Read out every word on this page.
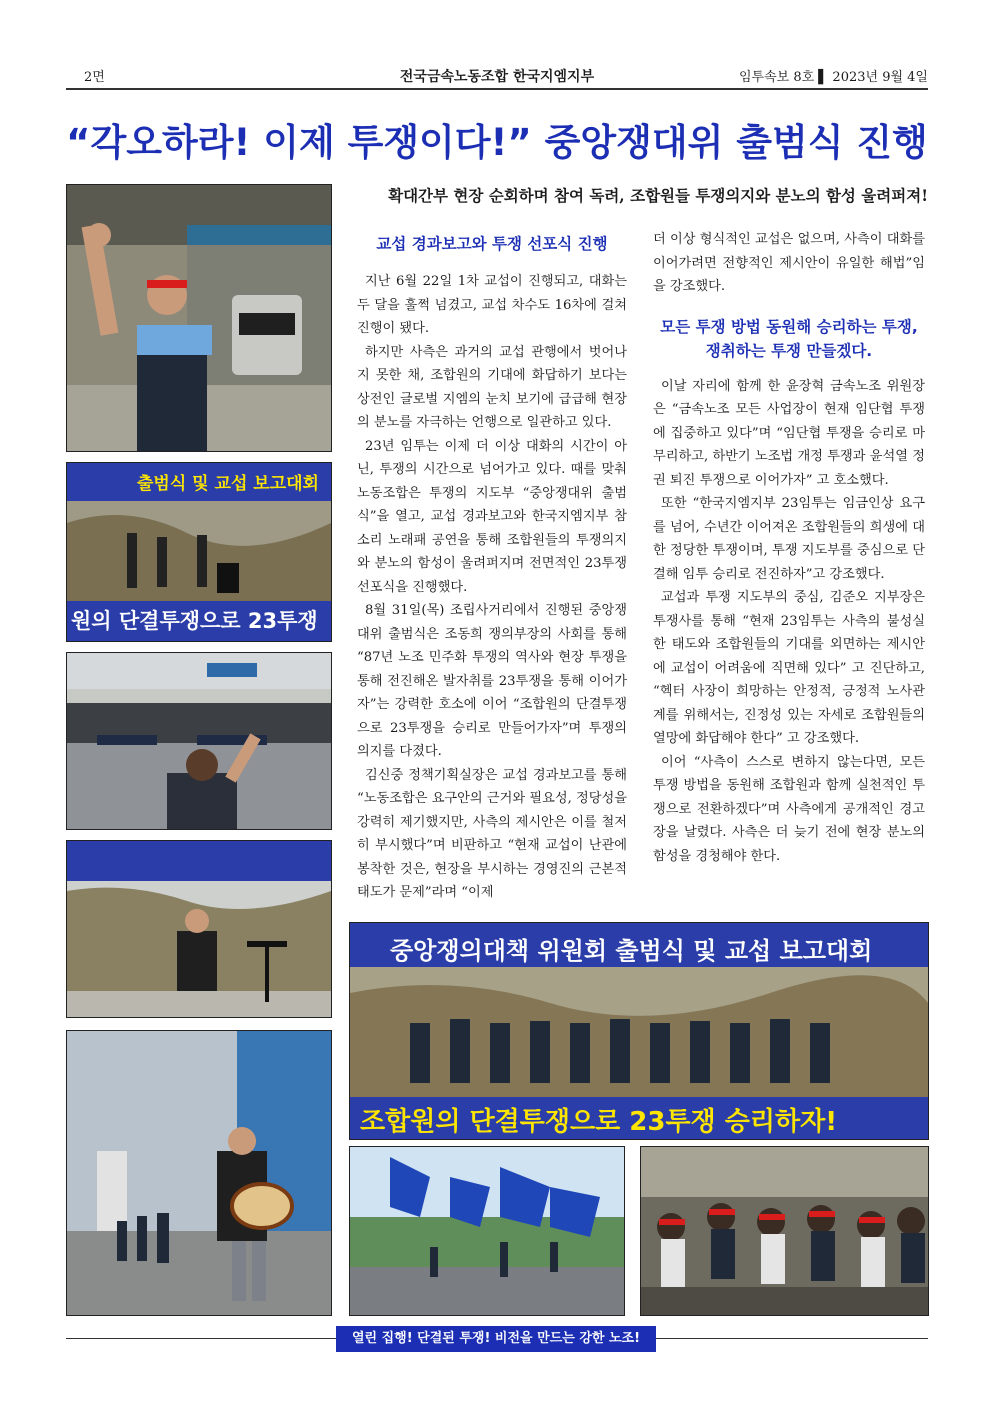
2면	전국금속노동조합 한국지엠지부	임투속보 8호 ▌ 2023년 9월 4일
“각오하라! 이제 투쟁이다!” 중앙쟁대위 출범식 진행
확대간부 현장 순회하며 참여 독려, 조합원들 투쟁의지와 분노의 함성 울려퍼져!
출범식 및 교섭 보고대회
원의 단결투쟁으로 23투쟁
교섭 경과보고와 투쟁 선포식 진행

지난 6월 22일 1차 교섭이 진행되고, 대화는 두 달을 훌쩍 넘겼고, 교섭 차수도 16차에 걸쳐 진행이 됐다.

하지만 사측은 과거의 교섭 관행에서 벗어나지 못한 채, 조합원의 기대에 화답하기 보다는 상전인 글로벌 지엠의 눈치 보기에 급급해 현장의 분노를 자극하는 언행으로 일관하고 있다.

23년 임투는 이제 더 이상 대화의 시간이 아닌, 투쟁의 시간으로 넘어가고 있다. 때를 맞춰 노동조합은 투쟁의 지도부 “중앙쟁대위 출범식”을 열고, 교섭 경과보고와 한국지엠지부 참소리 노래패 공연을 통해 조합원들의 투쟁의지와 분노의 함성이 울려퍼지며 전면적인 23투쟁 선포식을 진행했다.

8월 31일(목) 조립사거리에서 진행된 중앙쟁대위 출범식은 조동희 쟁의부장의 사회를 통해 “87년 노조 민주화 투쟁의 역사와 현장 투쟁을 통해 전진해온 발자취를 23투쟁을 통해 이어가자”는 강력한 호소에 이어 “조합원의 단결투쟁으로 23투쟁을 승리로 만들어가자”며 투쟁의 의지를 다졌다.

김신중 정책기획실장은 교섭 경과보고를 통해 “노동조합은 요구안의 근거와 필요성, 정당성을 강력히 제기했지만, 사측의 제시안은 이를 철저히 부시했다”며 비판하고 “현재 교섭이 난관에 봉착한 것은, 현장을 부시하는 경영진의 근본적 태도가 문제”라며 “이제

더 이상 형식적인 교섭은 없으며, 사측이 대화를 이어가려면 전향적인 제시안이 유일한 해법”임을 강조했다.

모든 투쟁 방법 동원해 승리하는 투쟁, 쟁취하는 투쟁 만들겠다.

이날 자리에 함께 한 윤장혁 금속노조 위원장은 “금속노조 모든 사업장이 현재 임단협 투쟁에 집중하고 있다”며 “임단협 투쟁을 승리로 마무리하고, 하반기 노조법 개정 투쟁과 윤석열 정권 퇴진 투쟁으로 이어가자” 고 호소했다.

또한 “한국지엠지부 23임투는 임금인상 요구를 넘어, 수년간 이어져온 조합원들의 희생에 대한 정당한 투쟁이며, 투쟁 지도부를 중심으로 단결해 임투 승리로 전진하자”고 강조했다.

교섭과 투쟁 지도부의 중심, 김준오 지부장은 투쟁사를 통해 “현재 23임투는 사측의 불성실한 태도와 조합원들의 기대를 외면하는 제시안에 교섭이 어려움에 직면해 있다” 고 진단하고, “헥터 사장이 희망하는 안정적, 긍정적 노사관계를 위해서는, 진정성 있는 자세로 조합원들의 열망에 화답해야 한다” 고 강조했다.

이어 “사측이 스스로 변하지 않는다면, 모든 투쟁 방법을 동원해 조합원과 함께 실천적인 투쟁으로 전환하겠다”며 사측에게 공개적인 경고장을 날렸다. 사측은 더 늦기 전에 현장 분노의 함성을 경청해야 한다.

중앙쟁의대책 위원회 출범식 및 교섭 보고대회
조합원의 단결투쟁으로 23투쟁 승리하자!
열린 집행! 단결된 투쟁! 비전을 만드는 강한 노조!
